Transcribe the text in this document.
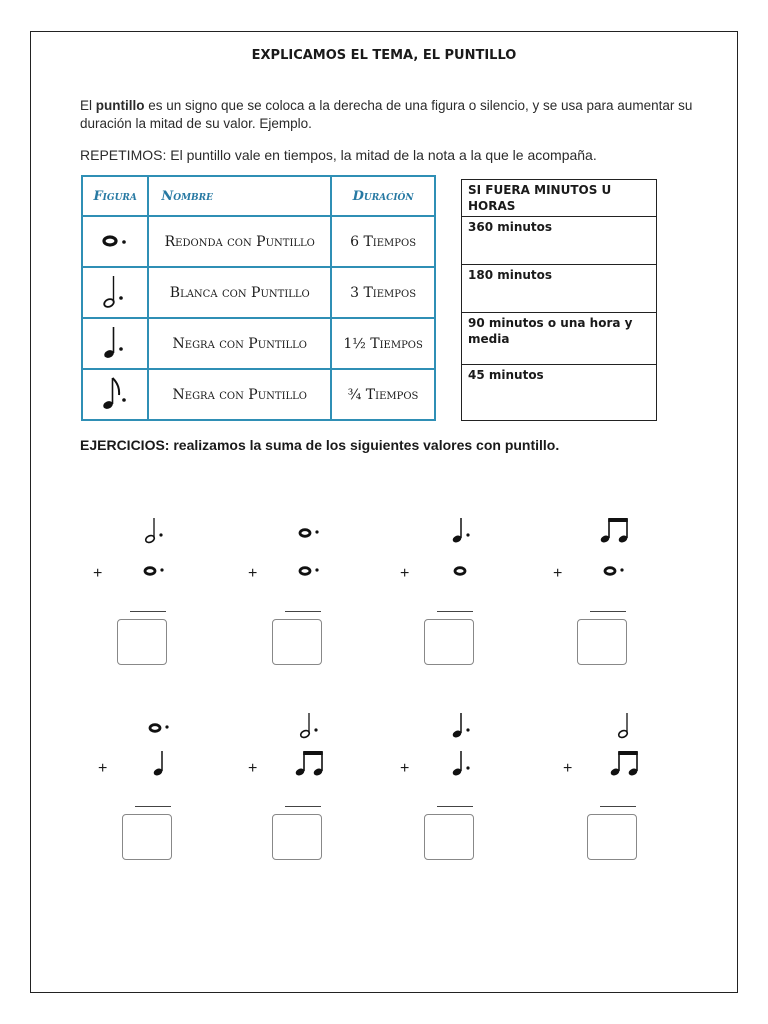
EXPLICAMOS EL TEMA, EL PUNTILLO
El puntillo es un signo que se coloca a la derecha de una figura o silencio, y se usa para aumentar su duración la mitad de su valor. Ejemplo.
REPETIMOS: El puntillo vale en tiempos, la mitad de la nota a la que le acompaña.
Figura	Nombre	Duración
	Redonda con Puntillo	6 Tiempos
	Blanca con Puntillo	3 Tiempos
	Negra con Puntillo	1½ Tiempos
	Negra con Puntillo	¾ Tiempos
SI FUERA MINUTOS U HORAS
360 minutos
180 minutos
90 minutos o una hora y media
45 minutos
EJERCICIOS: realizamos la suma de los siguientes valores con puntillo.
+	+	+	+
+	+	+	+
